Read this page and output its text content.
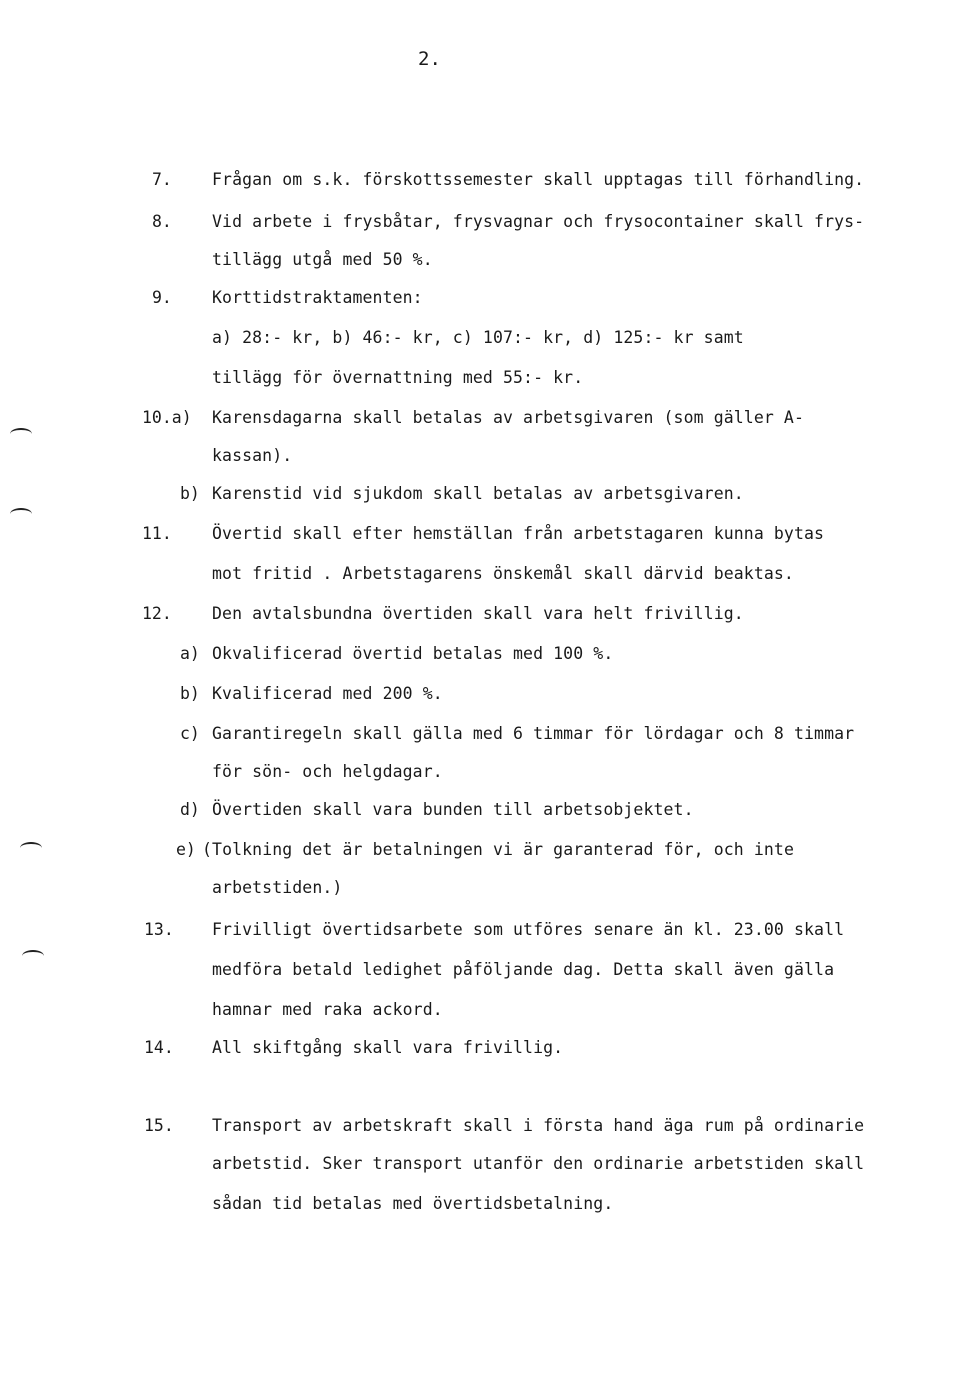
2.
7. Frågan om s.k. förskottssemester skall upptagas till förhandling.
8. Vid arbete i frysbåtar, frysvagnar och frysocontainer skall frys-
tillägg utgå med 50 %.
9. Korttidstraktamenten:
a) 28:- kr, b) 46:- kr, c) 107:- kr, d) 125:- kr samt
tillägg för övernattning med 55:- kr.
10.a) Karensdagarna skall betalas av arbetsgivaren (som gäller A-
kassan).
b) Karenstid vid sjukdom skall betalas av arbetsgivaren.
11. Övertid skall efter hemställan från arbetstagaren kunna bytas
mot fritid . Arbetstagarens önskemål skall därvid beaktas.
12. Den avtalsbundna övertiden skall vara helt frivillig.
a) Okvalificerad övertid betalas med 100 %.
b) Kvalificerad med 200 %.
c) Garantiregeln skall gälla med 6 timmar för lördagar och 8 timmar
för sön- och helgdagar.
d) Övertiden skall vara bunden till arbetsobjektet.
e) (Tolkning det är betalningen vi är garanterad för, och inte
arbetstiden.)
13. Frivilligt övertidsarbete som utföres senare än kl. 23.00 skall
medföra betald ledighet påföljande dag. Detta skall även gälla
hamnar med raka ackord.
14. All skiftgång skall vara frivillig.
15. Transport av arbetskraft skall i första hand äga rum på ordinarie
arbetstid. Sker transport utanför den ordinarie arbetstiden skall
sådan tid betalas med övertidsbetalning.
